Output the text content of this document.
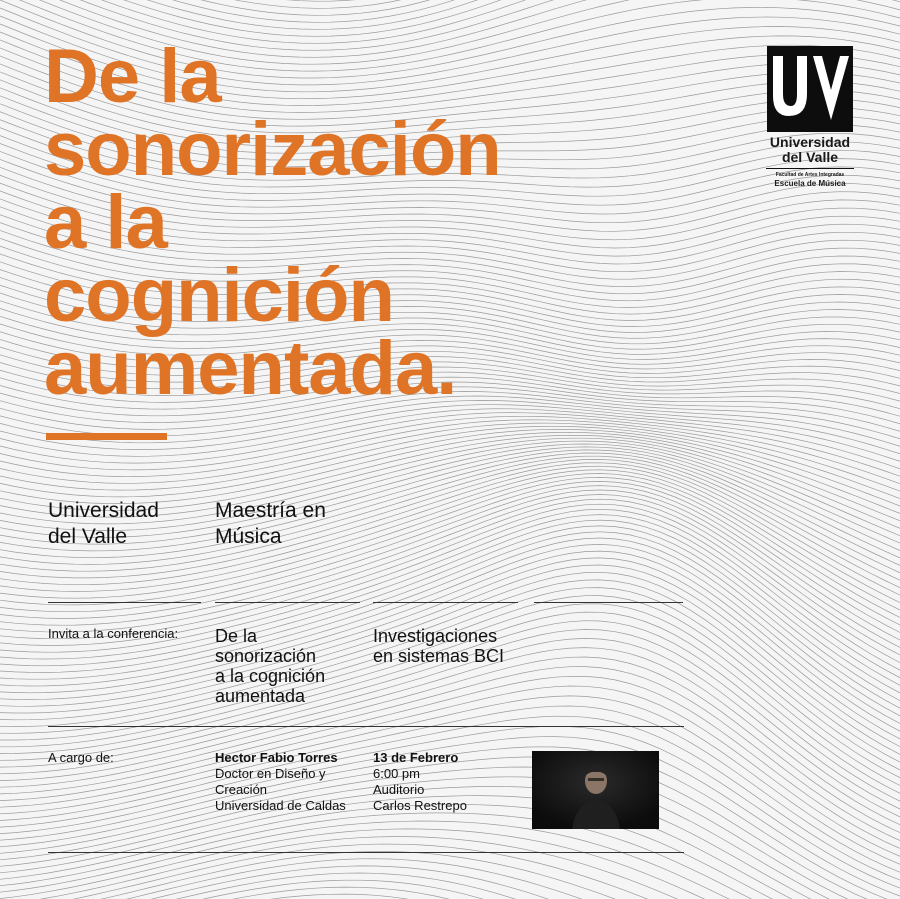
De la
sonorización
a la
cognición
aumentada.
Universidad
del Valle
Facultad de Artes Integradas
Escuela de Música
Universidad
del Valle
Maestría en
Música
Invita a la conferencia: De la
sonorización
a la cognición
aumentada
Investigaciones
en sistemas BCI
A cargo de:	Hector Fabio Torres
Doctor en Diseño y
Creación
Universidad de Caldas
13 de Febrero
6:00 pm
Auditorio
Carlos Restrepo
